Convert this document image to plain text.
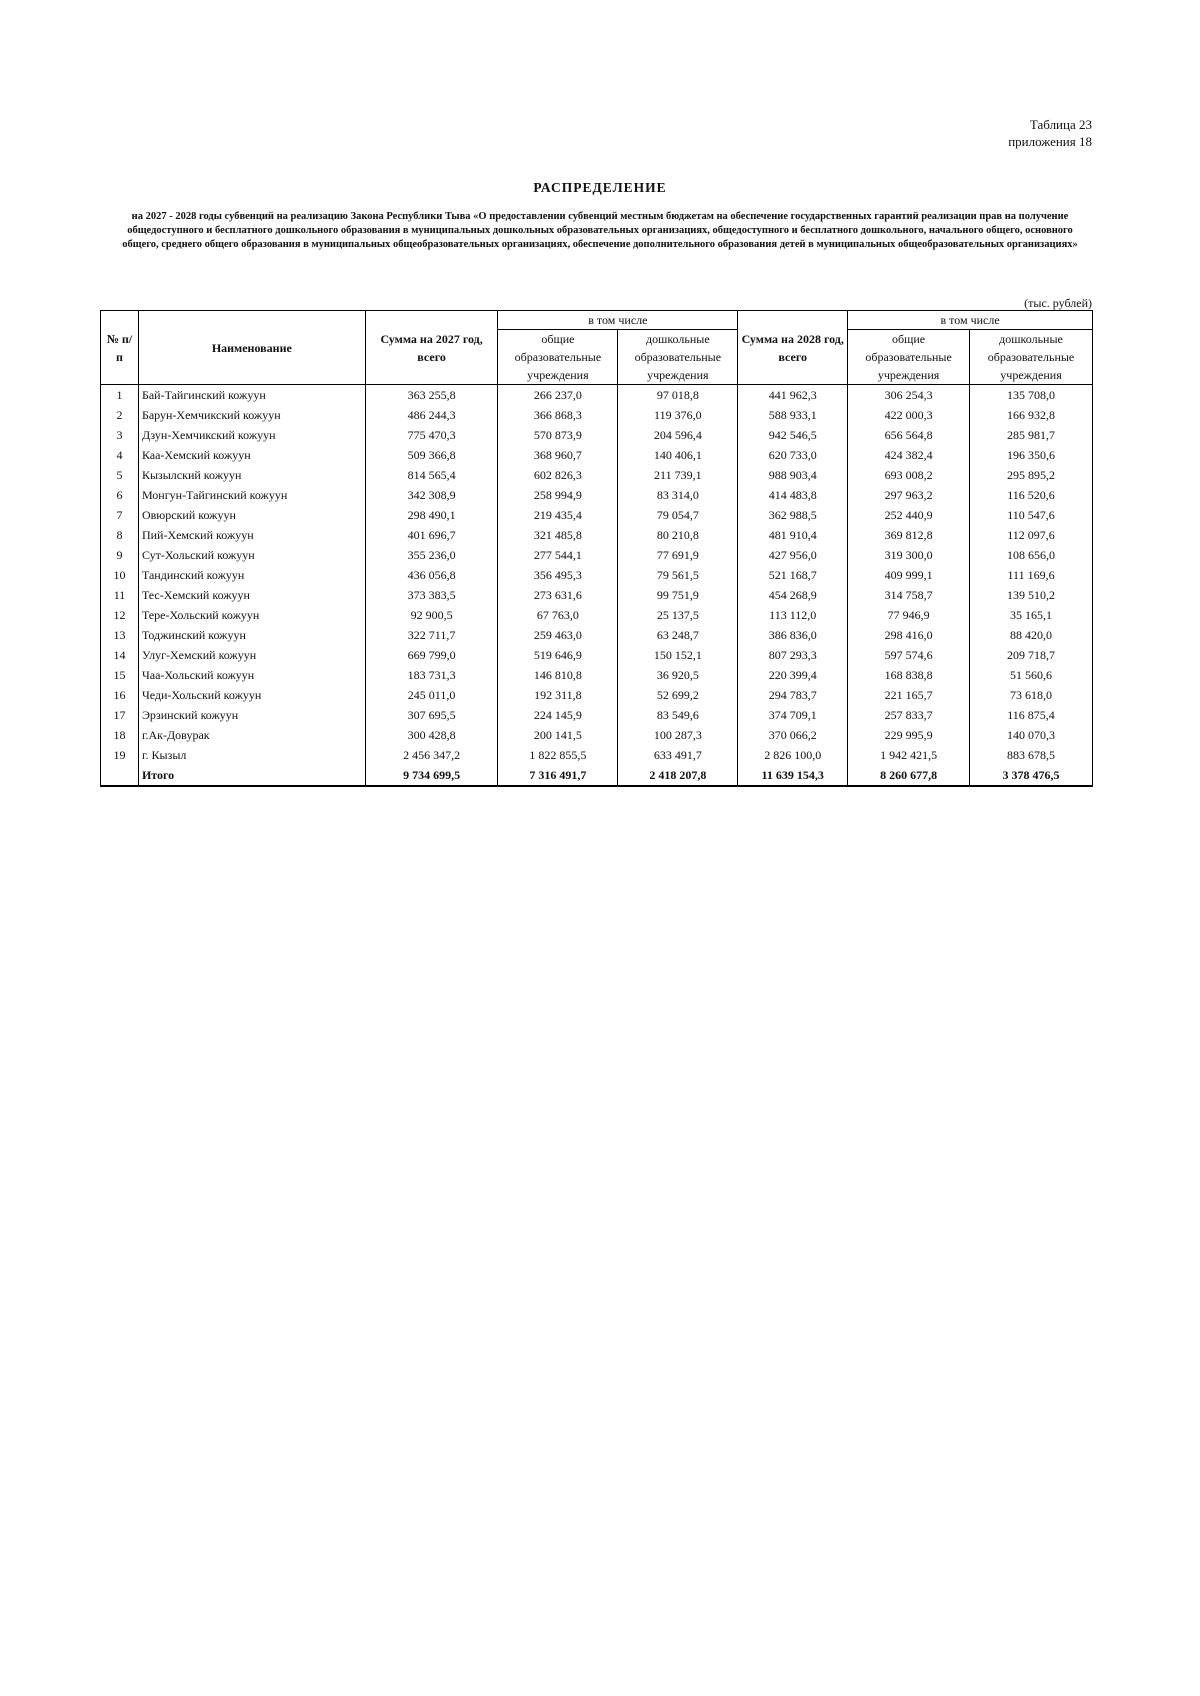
Таблица 23
приложения 18
РАСПРЕДЕЛЕНИЕ
на 2027 - 2028 годы субвенций на реализацию Закона Республики Тыва «О предоставлении субвенций местным бюджетам на обеспечение государственных гарантий реализации прав на получение общедоступного и бесплатного дошкольного образования в муниципальных дошкольных образовательных организациях, общедоступного и бесплатного дошкольного, начального общего, основного общего, среднего общего образования в муниципальных общеобразовательных организациях, обеспечение дополнительного образования детей в муниципальных общеобразовательных организациях»
(тыс. рублей)
№ п/п	Наименование	Сумма на 2027 год, всего	в том числе		Сумма на 2028 год, всего	в том числе	
			общие образовательные учреждения	дошкольные образовательные учреждения		общие образовательные учреждения	дошкольные образовательные учреждения
1	Бай-Тайгинский кожуун	363 255,8	266 237,0	97 018,8	441 962,3	306 254,3	135 708,0
2	Барун-Хемчикский кожуун	486 244,3	366 868,3	119 376,0	588 933,1	422 000,3	166 932,8
3	Дзун-Хемчикский кожуун	775 470,3	570 873,9	204 596,4	942 546,5	656 564,8	285 981,7
4	Каа-Хемский кожуун	509 366,8	368 960,7	140 406,1	620 733,0	424 382,4	196 350,6
5	Кызылский кожуун	814 565,4	602 826,3	211 739,1	988 903,4	693 008,2	295 895,2
6	Монгун-Тайгинский кожуун	342 308,9	258 994,9	83 314,0	414 483,8	297 963,2	116 520,6
7	Овюрский кожуун	298 490,1	219 435,4	79 054,7	362 988,5	252 440,9	110 547,6
8	Пий-Хемский кожуун	401 696,7	321 485,8	80 210,8	481 910,4	369 812,8	112 097,6
9	Сут-Хольский кожуун	355 236,0	277 544,1	77 691,9	427 956,0	319 300,0	108 656,0
10	Тандинский кожуун	436 056,8	356 495,3	79 561,5	521 168,7	409 999,1	111 169,6
11	Тес-Хемский кожуун	373 383,5	273 631,6	99 751,9	454 268,9	314 758,7	139 510,2
12	Тере-Хольский кожуун	92 900,5	67 763,0	25 137,5	113 112,0	77 946,9	35 165,1
13	Тоджинский кожуун	322 711,7	259 463,0	63 248,7	386 836,0	298 416,0	88 420,0
14	Улуг-Хемский кожуун	669 799,0	519 646,9	150 152,1	807 293,3	597 574,6	209 718,7
15	Чаа-Хольский кожуун	183 731,3	146 810,8	36 920,5	220 399,4	168 838,8	51 560,6
16	Чеди-Хольский кожуун	245 011,0	192 311,8	52 699,2	294 783,7	221 165,7	73 618,0
17	Эрзинский кожуун	307 695,5	224 145,9	83 549,6	374 709,1	257 833,7	116 875,4
18	г.Ак-Довурак	300 428,8	200 141,5	100 287,3	370 066,2	229 995,9	140 070,3
19	г. Кызыл	2 456 347,2	1 822 855,5	633 491,7	2 826 100,0	1 942 421,5	883 678,5
	Итого	9 734 699,5	7 316 491,7	2 418 207,8	11 639 154,3	8 260 677,8	3 378 476,5
